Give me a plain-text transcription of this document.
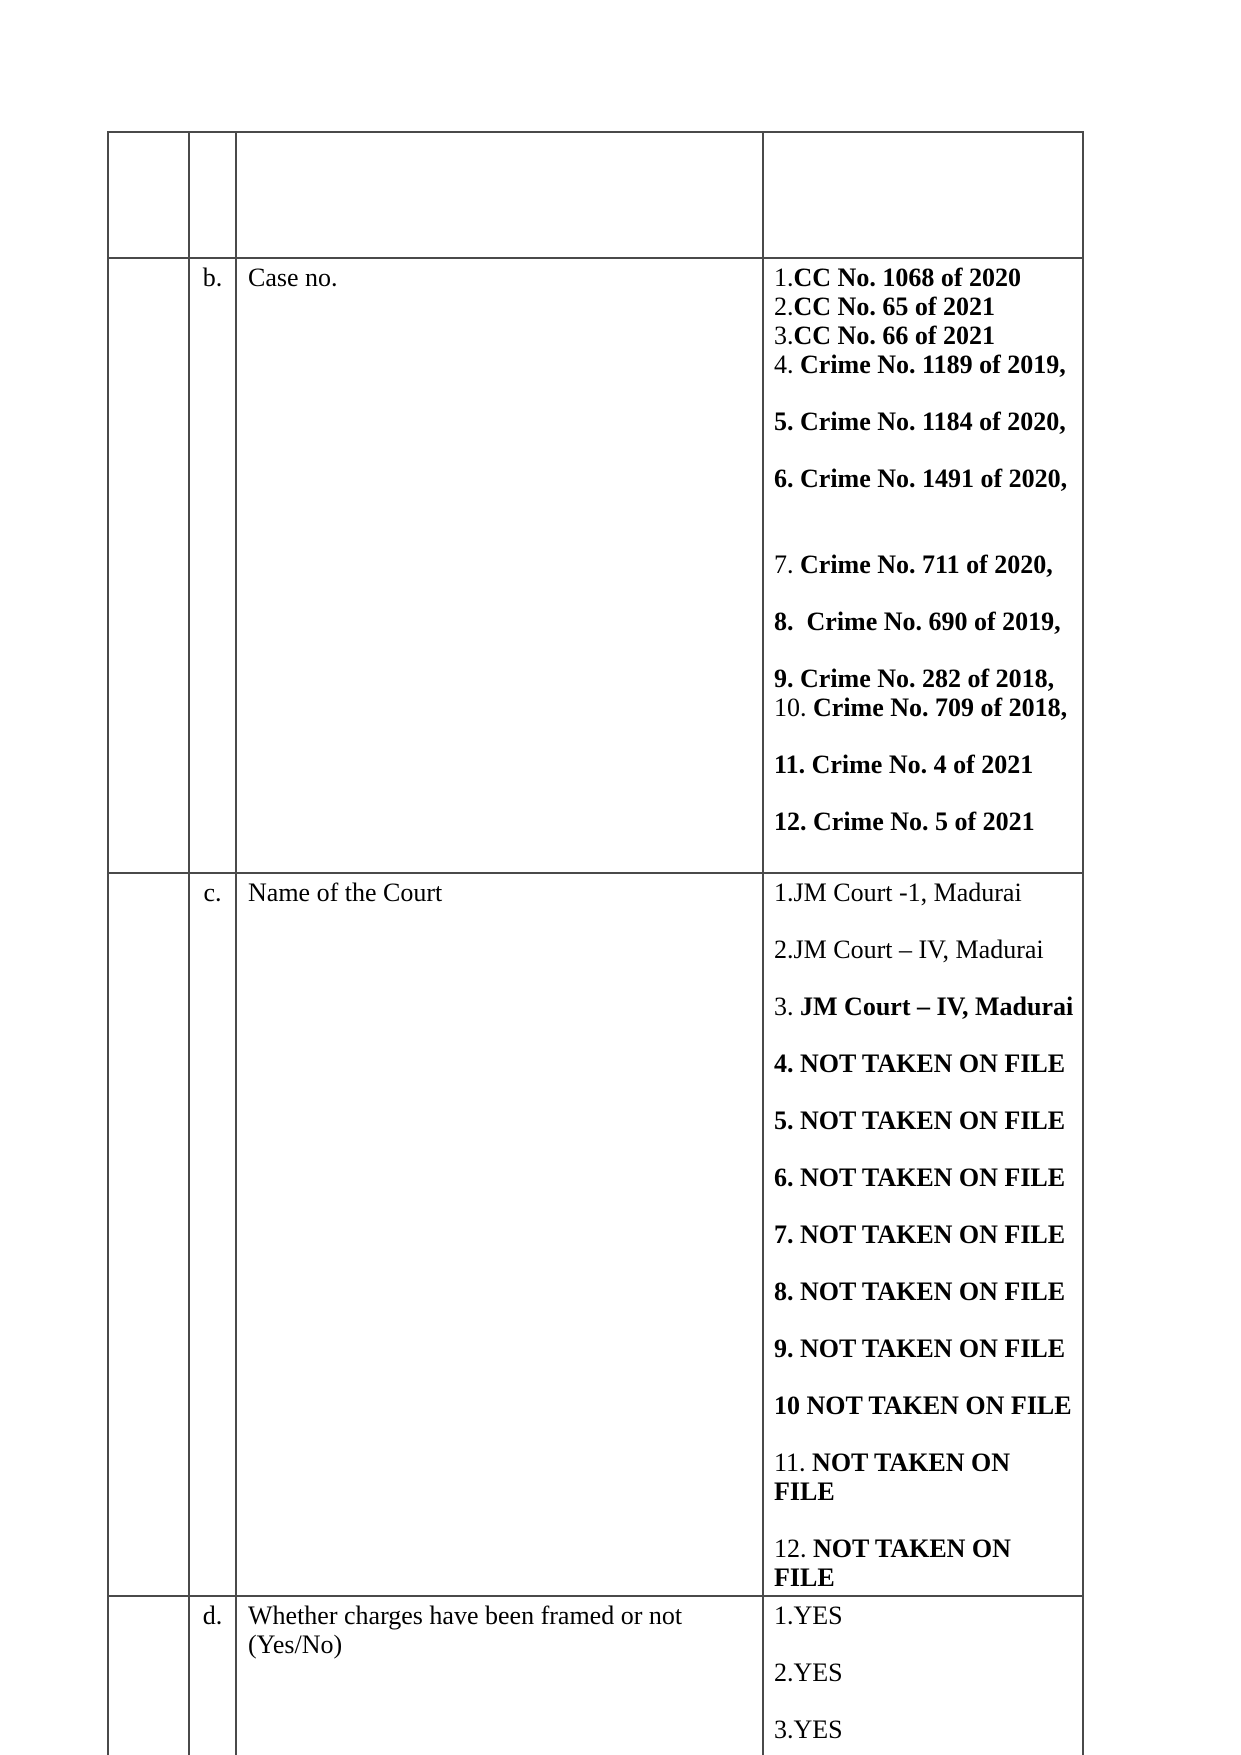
	b.	Case no.	1.CC No. 1068 of 2020
2.CC No. 65 of 2021
3.CC No. 66 of 2021
4. Crime No. 1189 of 2019,
5. Crime No. 1184 of 2020,
6. Crime No. 1491 of 2020,
7. Crime No. 711 of 2020,
8.  Crime No. 690 of 2019,
9. Crime No. 282 of 2018,
10. Crime No. 709 of 2018,
11. Crime No. 4 of 2021
12. Crime No. 5 of 2021

	c.	Name of the Court	1.JM Court -1, Madurai
2.JM Court – IV, Madurai
3. JM Court – IV, Madurai
4. NOT TAKEN ON FILE
5. NOT TAKEN ON FILE
6. NOT TAKEN ON FILE
7. NOT TAKEN ON FILE
8. NOT TAKEN ON FILE
9. NOT TAKEN ON FILE
10 NOT TAKEN ON FILE
11. NOT TAKEN ON FILE
12. NOT TAKEN ON FILE

	d.	Whether charges have been framed or not (Yes/No)	1.YES
2.YES
3.YES
